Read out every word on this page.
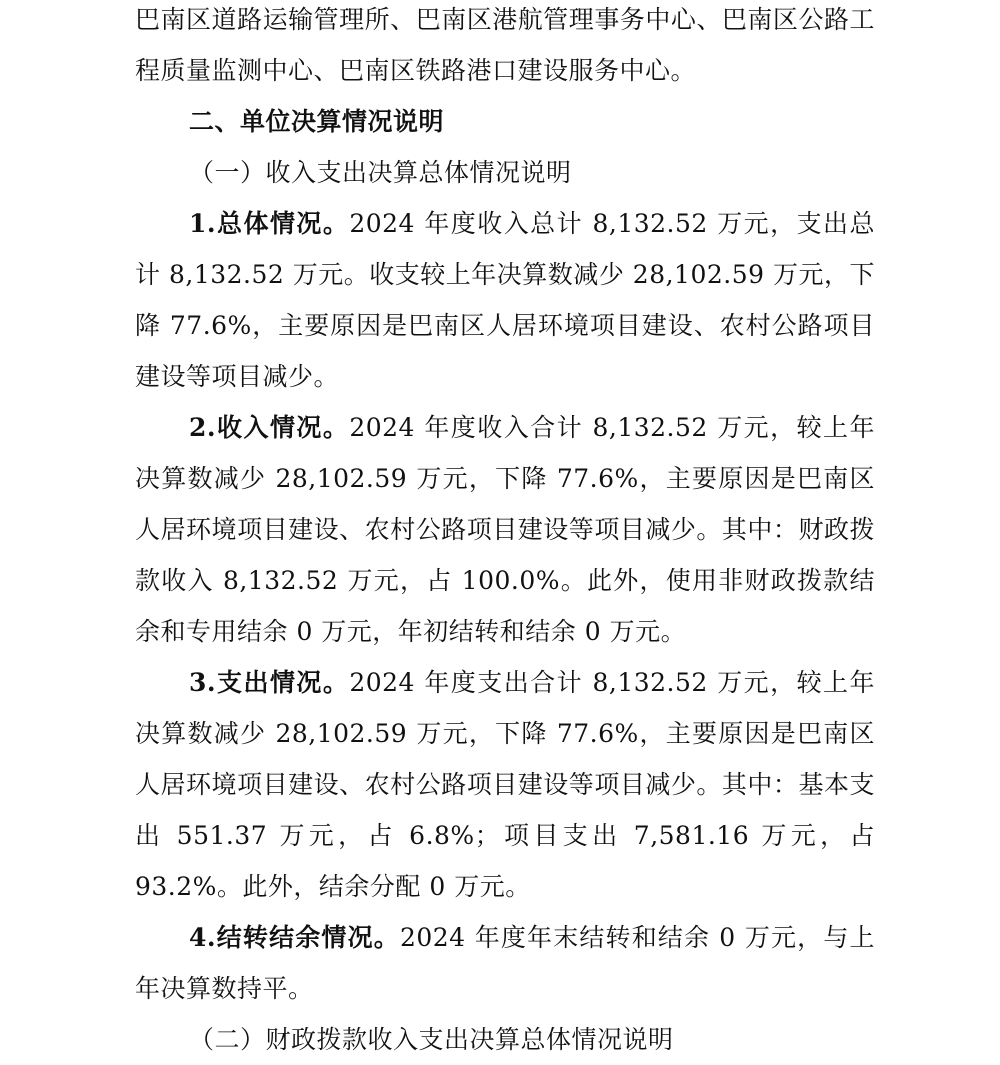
巴南区道路运输管理所、巴南区港航管理事务中心、巴南区公路工程质量监测中心、巴南区铁路港口建设服务中心。

二、单位决算情况说明

（一）收入支出决算总体情况说明

1.总体情况。2024 年度收入总计 8,132.52 万元，支出总计 8,132.52 万元。收支较上年决算数减少 28,102.59 万元，下降 77.6%，主要原因是巴南区人居环境项目建设、农村公路项目建设等项目减少。

2.收入情况。2024 年度收入合计 8,132.52 万元，较上年决算数减少 28,102.59 万元，下降 77.6%，主要原因是巴南区人居环境项目建设、农村公路项目建设等项目减少。其中：财政拨款收入 8,132.52 万元，占 100.0%。此外，使用非财政拨款结余和专用结余 0 万元，年初结转和结余 0 万元。

3.支出情况。2024 年度支出合计 8,132.52 万元，较上年决算数减少 28,102.59 万元，下降 77.6%，主要原因是巴南区人居环境项目建设、农村公路项目建设等项目减少。其中：基本支出 551.37 万元，占 6.8%；项目支出 7,581.16 万元，占 93.2%。此外，结余分配 0 万元。

4.结转结余情况。2024 年度年末结转和结余 0 万元，与上年决算数持平。

（二）财政拨款收入支出决算总体情况说明
